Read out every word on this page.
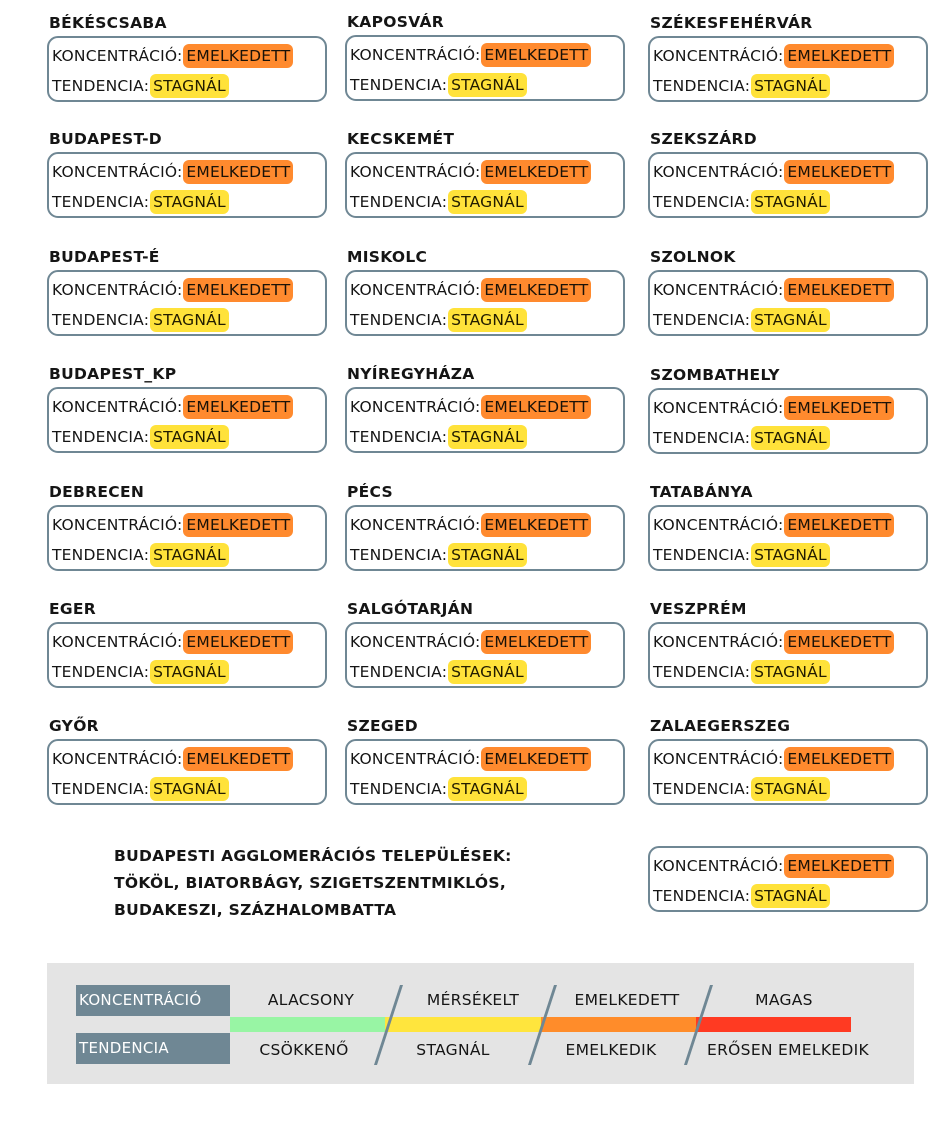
BÉKÉSCSABA
KONCENTRÁCIÓ: EMELKEDETT
TENDENCIA: STAGNÁL
KAPOSVÁR
KONCENTRÁCIÓ: EMELKEDETT
TENDENCIA: STAGNÁL
SZÉKESFEHÉRVÁR
KONCENTRÁCIÓ: EMELKEDETT
TENDENCIA: STAGNÁL
BUDAPEST-D
KONCENTRÁCIÓ: EMELKEDETT
TENDENCIA: STAGNÁL
KECSKEMÉT
KONCENTRÁCIÓ: EMELKEDETT
TENDENCIA: STAGNÁL
SZEKSZÁRD
KONCENTRÁCIÓ: EMELKEDETT
TENDENCIA: STAGNÁL
BUDAPEST-É
KONCENTRÁCIÓ: EMELKEDETT
TENDENCIA: STAGNÁL
MISKOLC
KONCENTRÁCIÓ: EMELKEDETT
TENDENCIA: STAGNÁL
SZOLNOK
KONCENTRÁCIÓ: EMELKEDETT
TENDENCIA: STAGNÁL
BUDAPEST_KP
KONCENTRÁCIÓ: EMELKEDETT
TENDENCIA: STAGNÁL
NYÍREGYHÁZA
KONCENTRÁCIÓ: EMELKEDETT
TENDENCIA: STAGNÁL
SZOMBATHELY
KONCENTRÁCIÓ: EMELKEDETT
TENDENCIA: STAGNÁL
DEBRECEN
KONCENTRÁCIÓ: EMELKEDETT
TENDENCIA: STAGNÁL
PÉCS
KONCENTRÁCIÓ: EMELKEDETT
TENDENCIA: STAGNÁL
TATABÁNYA
KONCENTRÁCIÓ: EMELKEDETT
TENDENCIA: STAGNÁL
EGER
KONCENTRÁCIÓ: EMELKEDETT
TENDENCIA: STAGNÁL
SALGÓTARJÁN
KONCENTRÁCIÓ: EMELKEDETT
TENDENCIA: STAGNÁL
VESZPRÉM
KONCENTRÁCIÓ: EMELKEDETT
TENDENCIA: STAGNÁL
GYŐR
KONCENTRÁCIÓ: EMELKEDETT
TENDENCIA: STAGNÁL
SZEGED
KONCENTRÁCIÓ: EMELKEDETT
TENDENCIA: STAGNÁL
ZALAEGERSZEG
KONCENTRÁCIÓ: EMELKEDETT
TENDENCIA: STAGNÁL
BUDAPESTI AGGLOMERÁCIÓS TELEPÜLÉSEK:
TÖKÖL, BIATORBÁGY, SZIGETSZENTMIKLÓS,
BUDAKESZI, SZÁZHALOMBATTA
KONCENTRÁCIÓ: EMELKEDETT
TENDENCIA: STAGNÁL
KONCENTRÁCIÓ
TENDENCIA
ALACSONY	MÉRSÉKELT	EMELKEDETT	MAGAS
CSÖKKENŐ	STAGNÁL	EMELKEDIK	ERŐSEN EMELKEDIK
